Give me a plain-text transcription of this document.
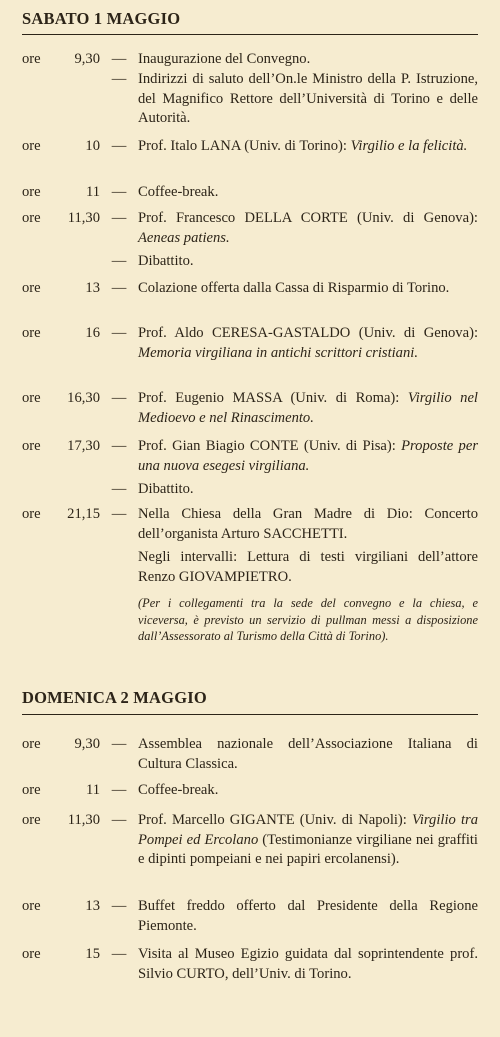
SABATO 1 MAGGIO
ore	9,30 — Inaugurazione del Convegno.
— Indirizzi di saluto dell’On.le Ministro della P. Istruzione, del Magnifico Rettore dell’Università di Torino e delle Autorità.
ore	10 — Prof. Italo LANA (Univ. di Torino): Virgilio e la felicità.
ore	11 — Coffee-break.
ore	11,30 — Prof. Francesco DELLA CORTE (Univ. di Genova): Aeneas patiens.
— Dibattito.
ore	13 — Colazione offerta dalla Cassa di Risparmio di Torino.
ore	16 — Prof. Aldo CERESA-GASTALDO (Univ. di Genova): Memoria virgiliana in antichi scrittori cristiani.
ore	16,30 — Prof. Eugenio MASSA (Univ. di Roma): Virgilio nel Medioevo e nel Rinascimento.
ore	17,30 — Prof. Gian Biagio CONTE (Univ. di Pisa): Proposte per una nuova esegesi virgiliana.
— Dibattito.
ore	21,15 — Nella Chiesa della Gran Madre di Dio: Concerto dell’organista Arturo SACCHETTI.
Negli intervalli: Lettura di testi virgiliani dell’attore Renzo GIOVAMPIETRO.
(Per i collegamenti tra la sede del convegno e la chiesa, e viceversa, è previsto un servizio di pullman messi a disposizione dall’Assessorato al Turismo della Città di Torino).
DOMENICA 2 MAGGIO
ore	9,30 — Assemblea nazionale dell’Associazione Italiana di Cultura Classica.
ore	11 — Coffee-break.
ore	11,30 — Prof. Marcello GIGANTE (Univ. di Napoli): Virgilio tra Pompei ed Ercolano (Testimonianze virgiliane nei graffiti e dipinti pompeiani e nei papiri ercolanensi).
ore	13 — Buffet freddo offerto dal Presidente della Regione Piemonte.
ore	15 — Visita al Museo Egizio guidata dal soprintendente prof. Silvio CURTO, dell’Univ. di Torino.
